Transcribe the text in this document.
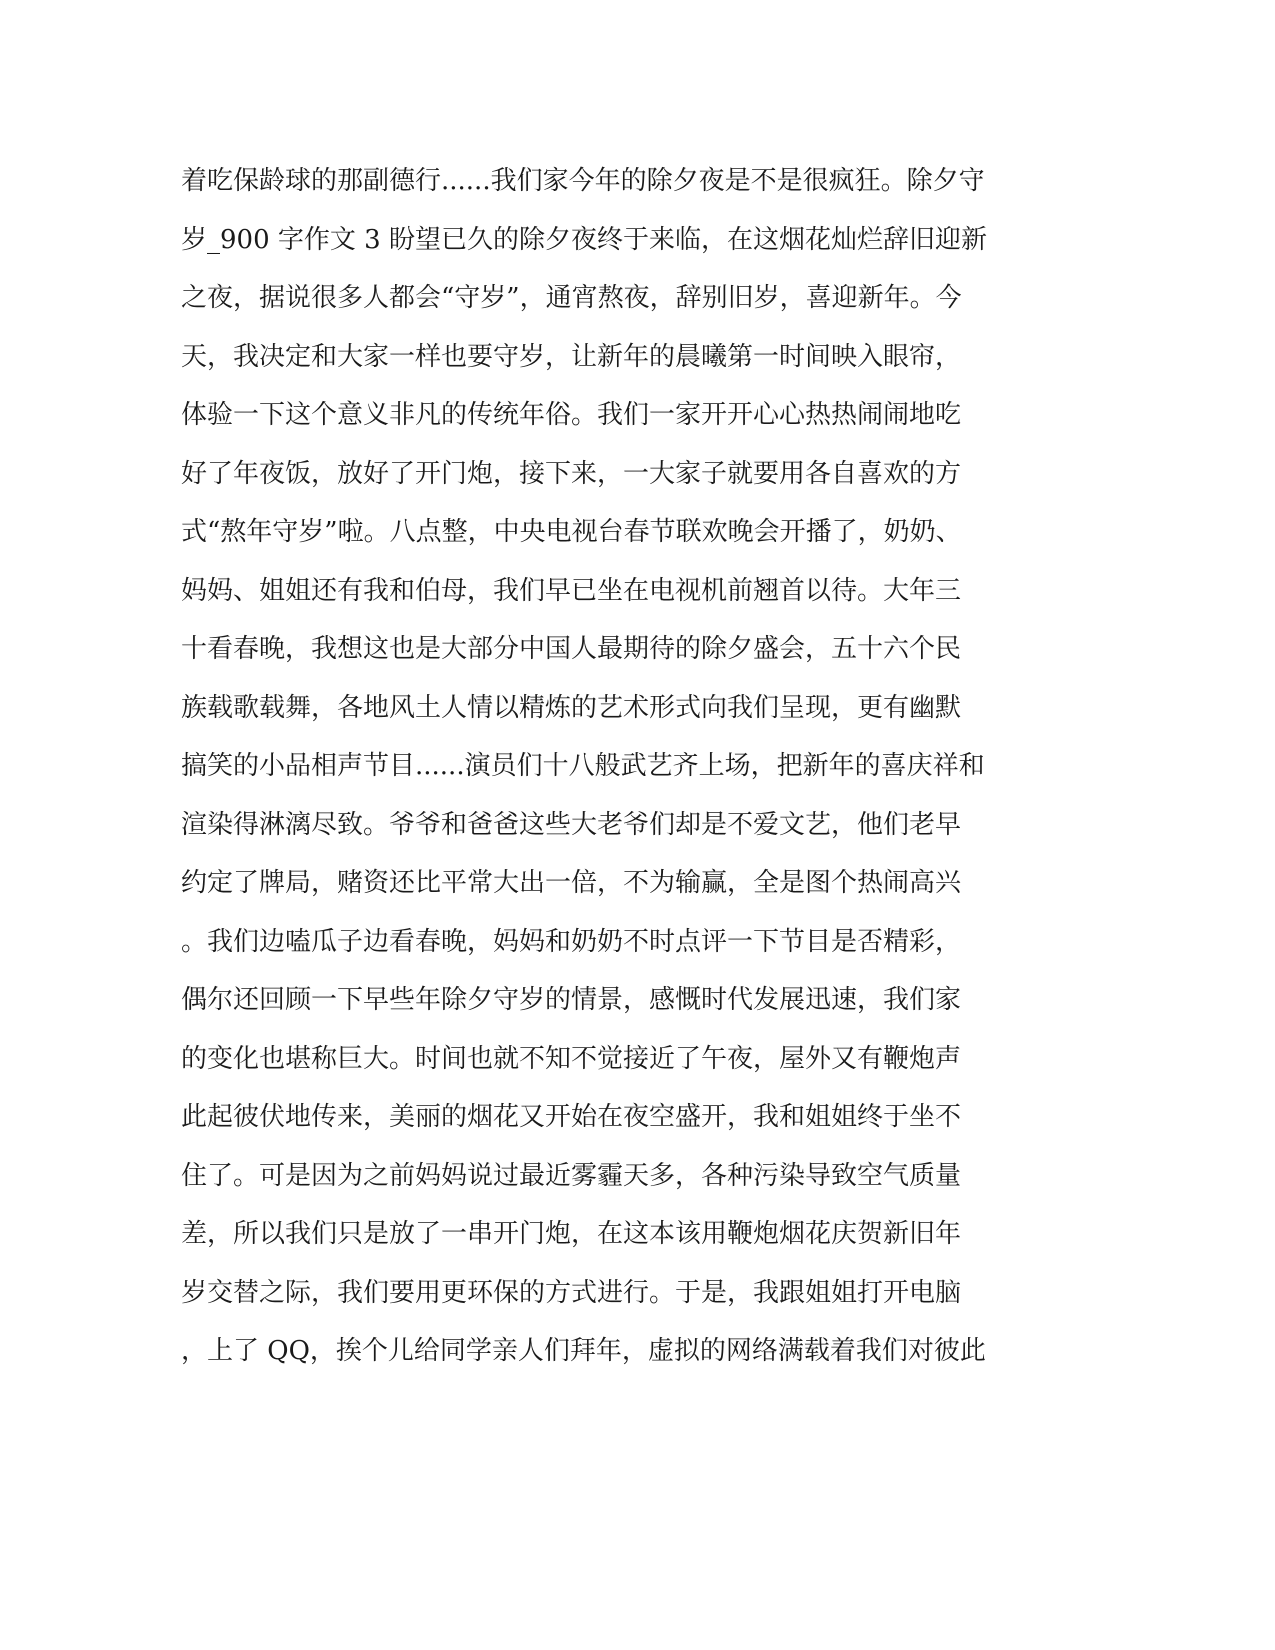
着吃保龄球的那副德行......我们家今年的除夕夜是不是很疯狂。除夕守
岁_900 字作文 3 盼望已久的除夕夜终于来临，在这烟花灿烂辞旧迎新
之夜，据说很多人都会“守岁”，通宵熬夜，辞别旧岁，喜迎新年。今
天，我决定和大家一样也要守岁，让新年的晨曦第一时间映入眼帘，
体验一下这个意义非凡的传统年俗。我们一家开开心心热热闹闹地吃
好了年夜饭，放好了开门炮，接下来，一大家子就要用各自喜欢的方
式“熬年守岁”啦。八点整，中央电视台春节联欢晚会开播了，奶奶、
妈妈、姐姐还有我和伯母，我们早已坐在电视机前翘首以待。大年三
十看春晚，我想这也是大部分中国人最期待的除夕盛会，五十六个民
族载歌载舞，各地风土人情以精炼的艺术形式向我们呈现，更有幽默
搞笑的小品相声节目......演员们十八般武艺齐上场，把新年的喜庆祥和
渲染得淋漓尽致。爷爷和爸爸这些大老爷们却是不爱文艺，他们老早
约定了牌局，赌资还比平常大出一倍，不为输赢，全是图个热闹高兴
。我们边嗑瓜子边看春晚，妈妈和奶奶不时点评一下节目是否精彩，
偶尔还回顾一下早些年除夕守岁的情景，感慨时代发展迅速，我们家
的变化也堪称巨大。时间也就不知不觉接近了午夜，屋外又有鞭炮声
此起彼伏地传来，美丽的烟花又开始在夜空盛开，我和姐姐终于坐不
住了。可是因为之前妈妈说过最近雾霾天多，各种污染导致空气质量
差，所以我们只是放了一串开门炮，在这本该用鞭炮烟花庆贺新旧年
岁交替之际，我们要用更环保的方式进行。于是，我跟姐姐打开电脑
，上了 QQ，挨个儿给同学亲人们拜年，虚拟的网络满载着我们对彼此
